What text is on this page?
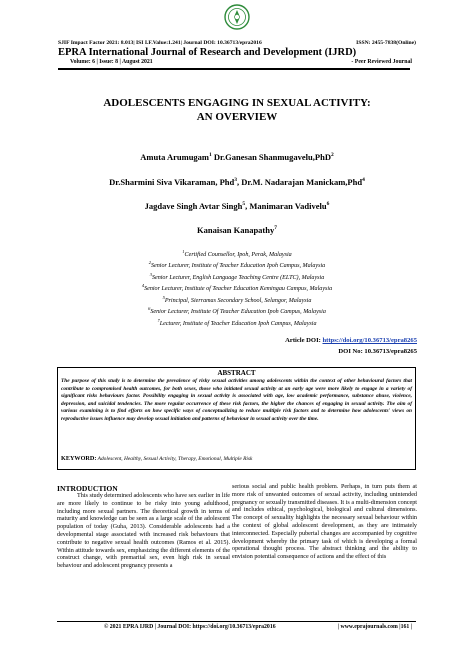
SJIF Impact Factor 2021: 8.013| ISI I.F.Value:1.241| Journal DOI: 10.36713/epra2016	ISSN: 2455-7838(Online)
EPRA International Journal of Research and Development (IJRD)
Volume: 6 | Issue: 8 | August 2021	- Peer Reviewed Journal
ADOLESCENTS ENGAGING IN SEXUAL ACTIVITY:
AN OVERVIEW
Amuta Arumugam$^1$ Dr.Ganesan Shanmugavelu,PhD$^2$
Dr.Sharmini Siva Vikaraman, Phd$^3$, Dr.M. Nadarajan Manickam,Phd$^4$
Jagdave Singh Avtar Singh$^5$, Manimaran Vadivelu$^6$
Kanaisan Kanapathy$^7$
$^1$Certified Counsellor, Ipoh, Perak, Malaysia
$^2$Senior Lecturer, Institute of Teacher Education Ipoh Campus, Malaysia
$^3$Senior Lecturer, English Language Teaching Centre (ELTC), Malaysia
$^4$Senior Lecturer, Institute of Teacher Education Kemingau Campus, Malaysia
$^5$Principal, Sierramas Secondary School, Selangor, Malaysia
$^6$Senior Lecturer, Institute Of Teacher Education Ipoh Campus, Malaysia
$^7$Lecturer, Institute of Teacher Education Ipoh Campus, Malaysia
Article DOI: https://doi.org/10.36713/epra8265
DOI No: 10.36713/epra8265
ABSTRACT
The purpose of this study is to determine the prevalence of risky sexual activities among adolescents within the context of other behavioural factors that contribute to compromised health outcomes, for both sexes, those who initiated sexual activity at an early age were more likely to engage in a variety of significant risks behaviours factor. Possibility engaging in sexual activity is associated with age, low academic performance, substance abuse, violence, depression, and suicidal tendencies. The more regular occurrence of these risk factors, the higher the chances of engaging in sexual activity. The aim of various examining is to find efforts on how specific ways of conceptualizing to reduce multiple risk factors and to determine how adolescents' views on reproductive issues influence may develop sexual initiation and patterns of behaviour in sexual activity over the time.
KEYWORD: Adolescent, Healthy, Sexual Activity, Therapy, Emotional, Multiple Risk
INTRODUCTION
This study determined adolescents who have sex earlier in life are more likely to continue to be risky into young adulthood, including more sexual partners. The theoretical growth in terms of maturity and knowledge can be seen as a large scale of the adolescent population of today (Guha, 2013). Considerable adolescents had a developmental stage associated with increased risk behaviours that contribute to negative sexual health outcomes (Ramos et al. 2015). Within attitude towards sex, emphasizing the different elements of the construct change, with premarital sex, even high risk in sexual behaviour and adolescent pregnancy presents a
serious social and public health problem. Perhaps, in turn puts them at more risk of unwanted outcomes of sexual activity, including unintended pregnancy or sexually transmitted diseases. It is a multi-dimension concept and includes ethical, psychological, biological and cultural dimensions. The concept of sexuality highlights the necessary sexual behaviour within the context of global adolescent development, as they are intimately interconnected. Especially pubertal changes are accompanied by cognitive development whereby the primary task of which is developing a formal operational thought process. The abstract thinking and the ability to envision potential consequence of actions and the effect of this
© 2021 EPRA IJRD | Journal DOI: https://doi.org/10.36713/epra2016	| www.eprajournals.com |161 |
